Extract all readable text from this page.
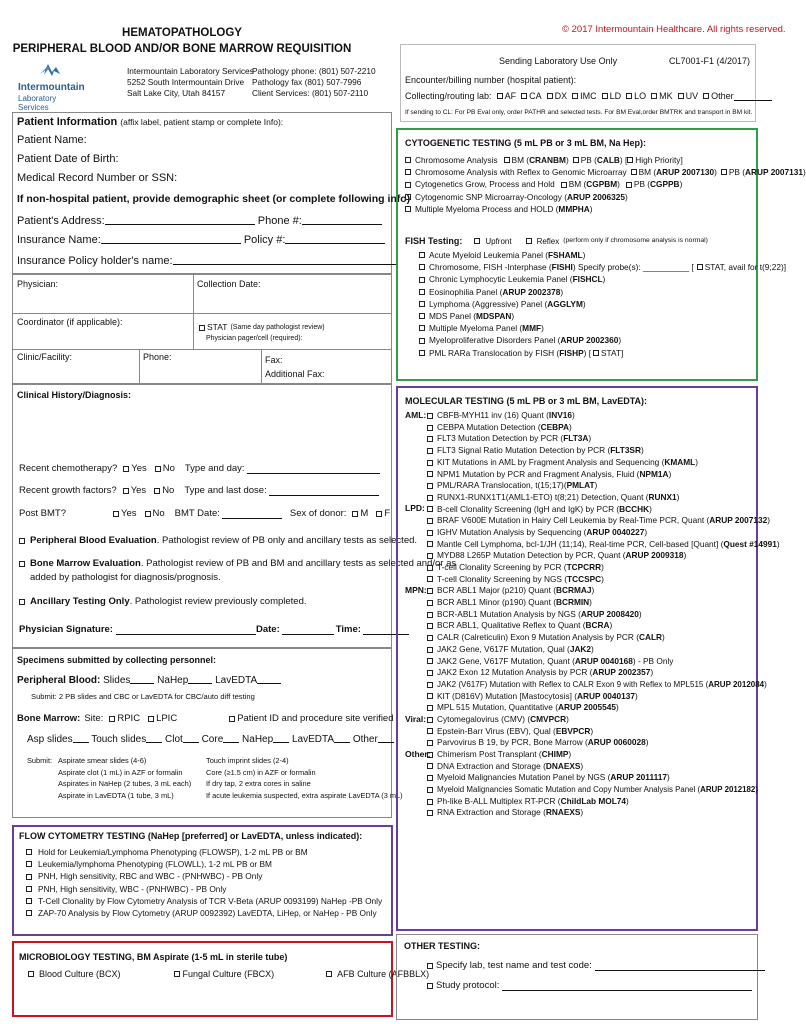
© 2017 Intermountain Healthcare. All rights reserved.
HEMATOPATHOLOGY
PERIPHERAL BLOOD AND/OR BONE MARROW REQUISITION
Intermountain
Laboratory Services
Intermountain Laboratory Services
5252 South Intermountain Drive
Salt Lake City, Utah 84157
Pathology phone: (801) 507-2210
Pathology fax (801) 507-7996
Client Services: (801) 507-2110
Sending Laboratory Use Only	CL7001-F1 (4/2017)
Encounter/billing number (hospital patient):
Collecting/routing lab: AF CA DX IMC LD LO MK UV Other
If sending to CL: For PB Eval only, order PATHR and selected tests. For BM Eval,order BMTRK and transport in BM kit.
Patient Information (affix label, patient stamp or complete Info):
Patient Name:
Patient Date of Birth:
Medical Record Number or SSN:
If non-hospital patient, provide demographic sheet (or complete following info)
Patient's Address:	Phone #:
Insurance Name:	Policy #:
Insurance Policy holder's name:
Physician:	Collection Date:
Coordinator (if applicable):	STAT (Same day pathologist review)
Physician pager/cell (required):
Clinic/Facility:	Phone:	Fax:
Additional Fax:
Clinical History/Diagnosis:
Recent chemotherapy? Yes No Type and day:
Recent growth factors? Yes No Type and last dose:
Post BMT?	Yes No BMT Date:	Sex of donor: M F
Peripheral Blood Evaluation . Pathologist review of PB only and ancillary tests as selected.
Bone Marrow Evaluation . Pathologist review of PB and BM and ancillary tests as selected and/or as
added by pathologist for diagnosis/prognosis.
Ancillary Testing Only . Pathologist review previously completed.
Physician Signature:	Date:	Time:
Specimens submitted by collecting personnel:
Peripheral Blood: Slides	NaHep	LavEDTA
Submit: 2 PB slides and CBC or LavEDTA for CBC/auto diff testing
Bone Marrow: Site: RPIC LPIC	Patient ID and procedure site verified
Asp slides Touch slides Clot Core NaHep LavEDTA Other
Submit: Aspirate smear slides (4-6)
Aspirate clot (1 mL) in AZF or formalin
Aspirates in NaHep (2 tubes, 3 mL each)
Aspirate in LavEDTA (1 tube, 3 mL)
Touch imprint slides (2-4)
Core (≥1.5 cm) in AZF or formalin
If dry tap, 2 extra cores in saline
If acute leukemia suspected, extra aspirate LavEDTA (3 mL)
FLOW CYTOMETRY TESTING (NaHep [preferred] or LavEDTA, unless indicated):
Hold for Leukemia/Lymphoma Phenotyping (FLOWSP), 1-2 mL PB or BM
Leukemia/lymphoma Phenotyping (FLOWLL), 1-2 mL PB or BM
PNH, High sensitivity, RBC and WBC - (PNHWBC) - PB Only
PNH, High sensitivity, WBC - (PNHWBC) - PB Only
T-Cell Clonality by Flow Cytometry Analysis of TCR V-Beta (ARUP 0093199) NaHep -PB Only
ZAP-70 Analysis by Flow Cytometry (ARUP 0092392) LavEDTA, LiHep, or NaHep - PB Only
MICROBIOLOGY TESTING, BM Aspirate (1-5 mL in sterile tube)
Blood Culture (BCX)	Fungal Culture (FBCX)	AFB Culture (AFBBLX)
CYTOGENETIC TESTING (5 mL PB or 3 mL BM, Na Hep):
Chromosome Analysis BM ( CRANBM ) PB ( CALB ) [ High Priority]
Chromosome Analysis with Reflex to Genomic Microarray BM ( ARUP 2007130 ) PB ( ARUP 2007131 )
Cytogenetics Grow, Process and Hold BM ( CGPBM ) PB ( CGPPB )
Cytogenomic SNP Microarray-Oncology ( ARUP 2006325 )
Multiple Myeloma Process and HOLD ( MMPHA )
FISH Testing:	Upfront	Reflex (perform only if chromosome analysis is normal)
Acute Myeloid Leukemia Panel ( FSHAML )
Chromosome, FISH -Interphase ( FISHI ) Specify probe(s): __________ [ STAT, avail for t(9;22)]
Chronic Lymphocytic Leukemia Panel ( FISHCL )
Eosinophilia Panel ( ARUP 2002378 )
Lymphoma (Aggressive) Panel ( AGGLYM )
MDS Panel ( MDSPAN )
Multiple Myeloma Panel ( MMF )
Myeloproliferative Disorders Panel ( ARUP 2002360 )
PML RARa Translocation by FISH ( FISHP ) [ STAT]
MOLECULAR TESTING (5 mL PB or 3 mL BM, LavEDTA):
AML: CBFB-MYH11 inv (16) Quant ( INV16 )
CEBPA Mutation Detection ( CEBPA )
FLT3 Mutation Detection by PCR ( FLT3A )
FLT3 Signal Ratio Mutation Detection by PCR ( FLT3SR )
KIT Mutations in AML by Fragment Analysis and Sequencing ( KMAML )
NPM1 Mutation by PCR and Fragment Analysis, Fluid ( NPM1A )
PML/RARA Translocation, t(15;17)( PMLAT )
RUNX1-RUNX1T1(AML1-ETO) t(8;21) Detection, Quant ( RUNX1 )
LPD: B-cell Clonality Screening (IgH and IgK) by PCR ( BCCHK )
BRAF V600E Mutation in Hairy Cell Leukemia by Real-Time PCR, Quant ( ARUP 2007132 )
IGHV Mutation Analysis by Sequencing ( ARUP 0040227 )
Mantle Cell Lymphoma, bcl-1/JH (11;14), Real-time PCR, Cell-based [Quant] ( Quest #14991 )
MYD88 L265P Mutation Detection by PCR, Quant ( ARUP 2009318 )
T-cell Clonality Screening by PCR ( TCPCRR )
T-cell Clonality Screening by NGS ( TCCSPC )
MPN: BCR ABL1 Major (p210) Quant ( BCRMAJ )
BCR ABL1 Minor (p190) Quant ( BCRMIN )
BCR-ABL1 Mutation Analysis by NGS ( ARUP 2008420 )
BCR ABL1, Qualitative Reflex to Quant ( BCRA )
CALR (Calreticulin) Exon 9 Mutation Analysis by PCR ( CALR )
JAK2 Gene, V617F Mutation, Qual ( JAK2 )
JAK2 Gene, V617F Mutation, Quant ( ARUP 0040168 ) - PB Only
JAK2 Exon 12 Mutation Analysis by PCR ( ARUP 2002357 )
JAK2 (V617F) Mutation with Reflex to CALR Exon 9 with Reflex to MPL515 ( ARUP 2012084 )
KIT (D816V) Mutation [Mastocytosis] ( ARUP 0040137 )
MPL 515 Mutation, Quantitative ( ARUP 2005545 )
Viral: Cytomegalovirus (CMV) ( CMVPCR )
Epstein-Barr Virus (EBV), Qual ( EBVPCR )
Parvovirus B 19, by PCR, Bone Marrow ( ARUP 0060028 )
Other: Chimerism Post Transplant ( CHIMP )
DNA Extraction and Storage ( DNAEXS )
Myeloid Malignancies Mutation Panel by NGS ( ARUP 2011117 )
Myeloid Malignancies Somatic Mutation and Copy Number Analysis Panel ( ARUP 2012182 )
Ph-like B-ALL Multiplex RT-PCR ( ChildLab MOL74 )
RNA Extraction and Storage ( RNAEXS )
OTHER TESTING:
Specify lab, test name and test code:
Study protocol:
